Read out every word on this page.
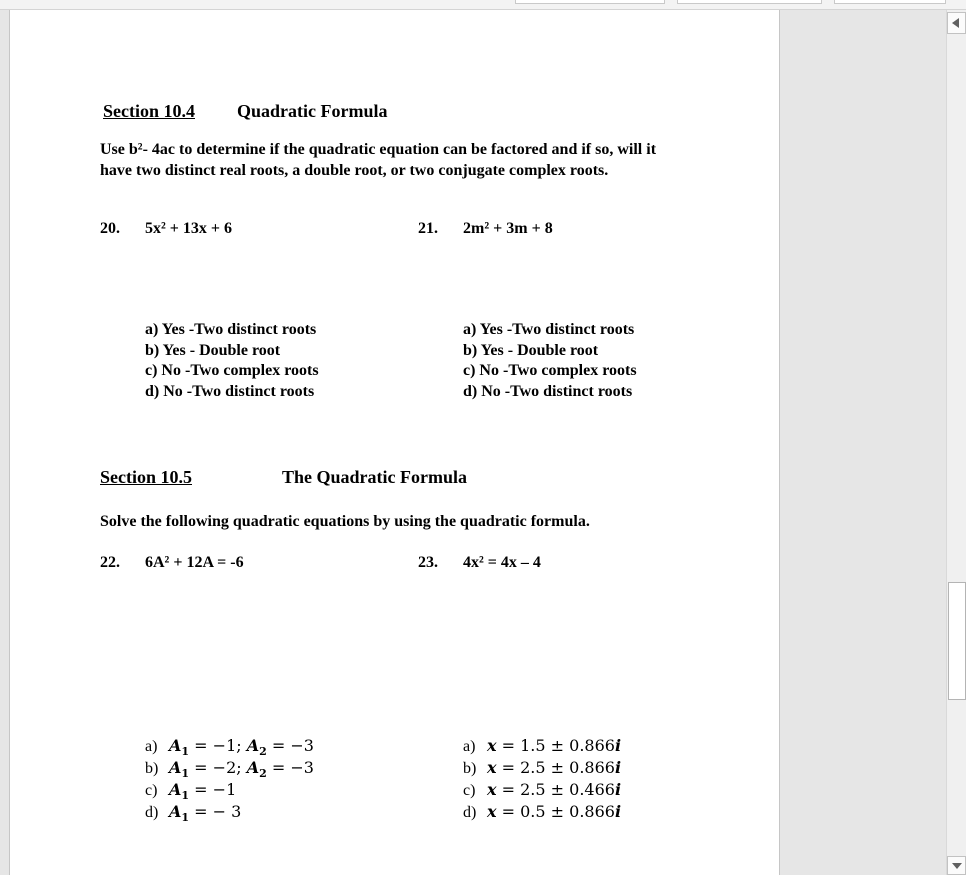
Section 10.4 Quadratic Formula
Use b²- 4ac to determine if the quadratic equation can be factored and if so, will it have two distinct real roots, a double root, or two conjugate complex roots.
20. 5x² + 13x + 6	21. 2m² + 3m + 8
a) Yes -Two distinct roots
b) Yes - Double root
c) No -Two complex roots
d) No -Two distinct roots
a) Yes -Two distinct roots
b) Yes - Double root
c) No -Two complex roots
d) No -Two distinct roots
Section 10.5	The Quadratic Formula
Solve the following quadratic equations by using the quadratic formula.
22. 6A² + 12A = -6	23. 4x² = 4x – 4
a) $A_1 = -1$; $A_2 = -3$
b) $A_1 = -2$; $A_2 = -3$
c) $A_1 = -1$
d) $A_1$ = − 3
a) x = 1.5 ± 0.866i
b) x = 2.5 ± 0.866i
c) x = 2.5 ± 0.466i
d) x = 0.5 ± 0.866i
